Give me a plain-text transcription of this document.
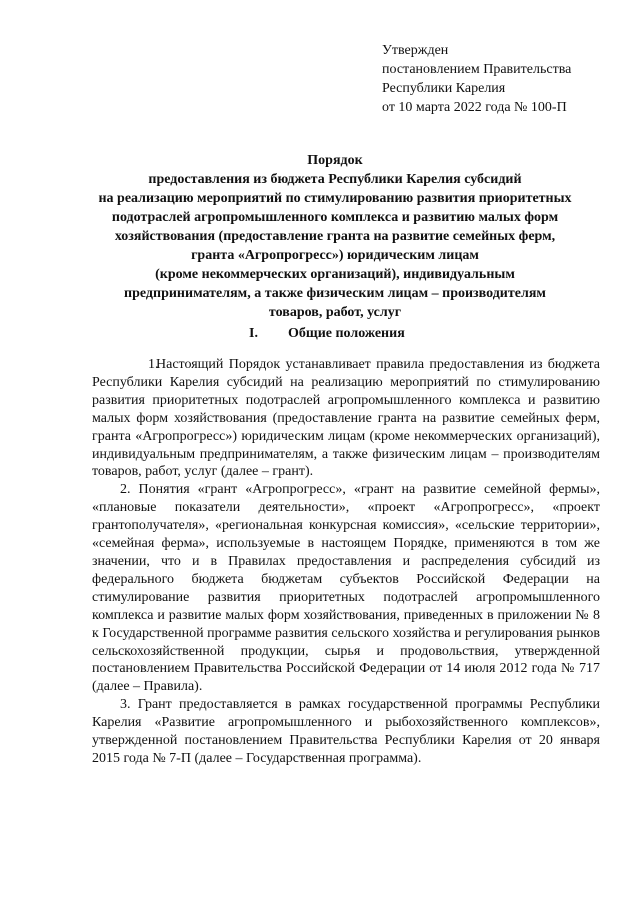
Утвержден
постановлением Правительства
Республики Карелия
от 10 марта 2022 года № 100-П
Порядок
предоставления из бюджета Республики Карелия субсидий
на реализацию мероприятий по стимулированию развития приоритетных
подотраслей агропромышленного комплекса и развитию малых форм
хозяйствования (предоставление гранта на развитие семейных ферм,
гранта «Агропрогресс») юридическим лицам
(кроме некоммерческих организаций), индивидуальным
предпринимателям, а также физическим лицам – производителям
товаров, работ, услуг
I. Общие положения

1.Настоящий Порядок устанавливает правила предоставления из бюджета Республики Карелия субсидий на реализацию мероприятий по стимулированию развития приоритетных подотраслей агропромышленного комплекса и развитию малых форм хозяйствования (предоставление гранта на развитие семейных ферм, гранта «Агропрогресс») юридическим лицам (кроме некоммерческих организаций), индивидуальным предпринимателям, а также физическим лицам – производителям товаров, работ, услуг (далее – грант).

2. Понятия «грант «Агропрогресс», «грант на развитие семейной фермы», «плановые показатели деятельности», «проект «Агропрогресс», «проект грантополучателя», «региональная конкурсная комиссия», «сельские территории», «семейная ферма», используемые в настоящем Порядке, применяются в том же значении, что и в Правилах предоставления и распределения субсидий из федерального бюджета бюджетам субъектов Российской Федерации на стимулирование развития приоритетных подотраслей агропромышленного комплекса и развитие малых форм хозяйствования, приведенных в приложении № 8 к Государственной программе развития сельского хозяйства и регулирования рынков сельскохозяйственной продукции, сырья и продовольствия, утвержденной постановлением Правительства Российской Федерации от 14 июля 2012 года № 717 (далее – Правила).

3. Грант предоставляется в рамках государственной программы Республики Карелия «Развитие агропромышленного и рыбохозяйственного комплексов», утвержденной постановлением Правительства Республики Карелия от 20 января 2015 года № 7-П (далее – Государственная программа).
